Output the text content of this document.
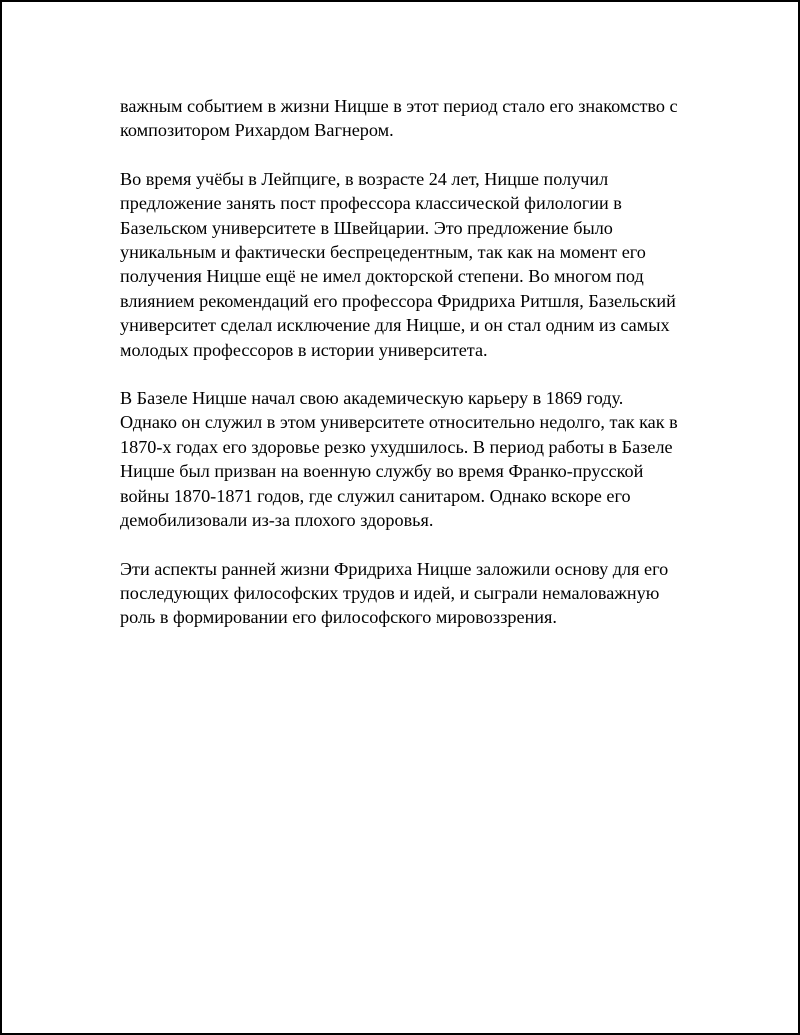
важным событием в жизни Ницше в этот период стало его знакомство с
композитором Рихардом Вагнером.

Во время учёбы в Лейпциге, в возрасте 24 лет, Ницше получил
предложение занять пост профессора классической филологии в
Базельском университете в Швейцарии. Это предложение было
уникальным и фактически беспрецедентным, так как на момент его
получения Ницше ещё не имел докторской степени. Во многом под
влиянием рекомендаций его профессора Фридриха Ритшля, Базельский
университет сделал исключение для Ницше, и он стал одним из самых
молодых профессоров в истории университета.

В Базеле Ницше начал свою академическую карьеру в 1869 году.
Однако он служил в этом университете относительно недолго, так как в
1870-х годах его здоровье резко ухудшилось. В период работы в Базеле
Ницше был призван на военную службу во время Франко-прусской
войны 1870-1871 годов, где служил санитаром. Однако вскоре его
демобилизовали из-за плохого здоровья.

Эти аспекты ранней жизни Фридриха Ницше заложили основу для его
последующих философских трудов и идей, и сыграли немаловажную
роль в формировании его философского мировоззрения.
